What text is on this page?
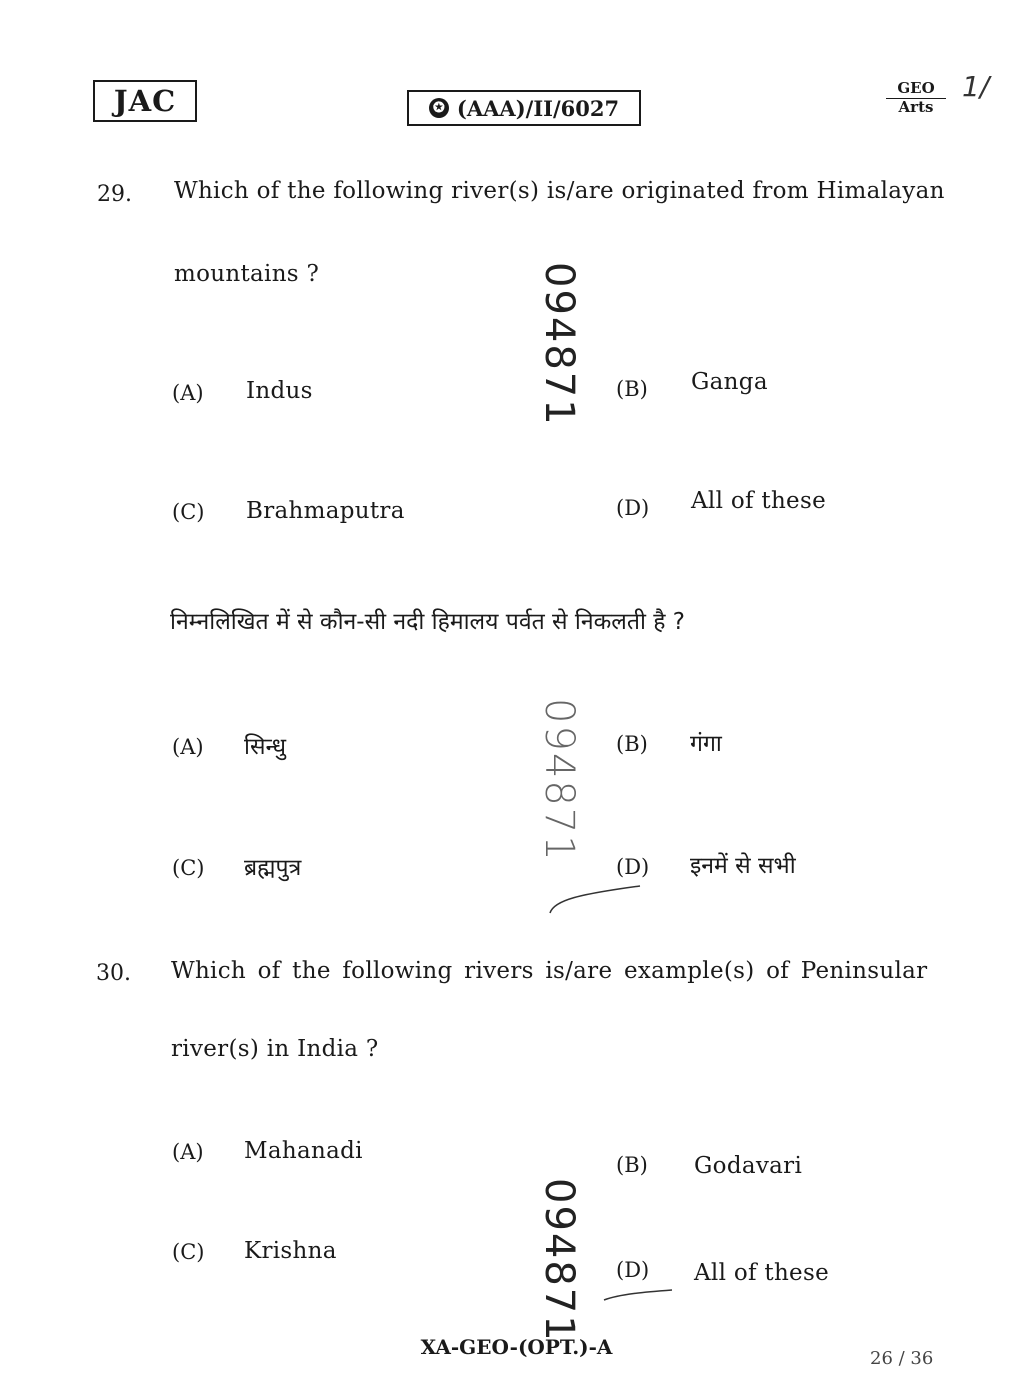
JAC	✪ (AAA)/II/6027
GEO
Arts
1/
29. Which of the following river(s) is/are originated from Himalayan
mountains ?
(A) Indus	(B) Ganga
(C) Brahmaputra	(D) All of these
निम्नलिखित में से कौन-सी नदी हिमालय पर्वत से निकलती है ?
(A) सिन्धु	(B) गंगा
(C) ब्रह्मपुत्र	(D) इनमें से सभी
30. Which of the following rivers is/are example(s) of Peninsular
river(s) in India ?
(A) Mahanadi
(B) Godavari
(C) Krishna
(D) All of these
094871
094871
094871
XA-GEO-(OPT.)-A	26 / 36
